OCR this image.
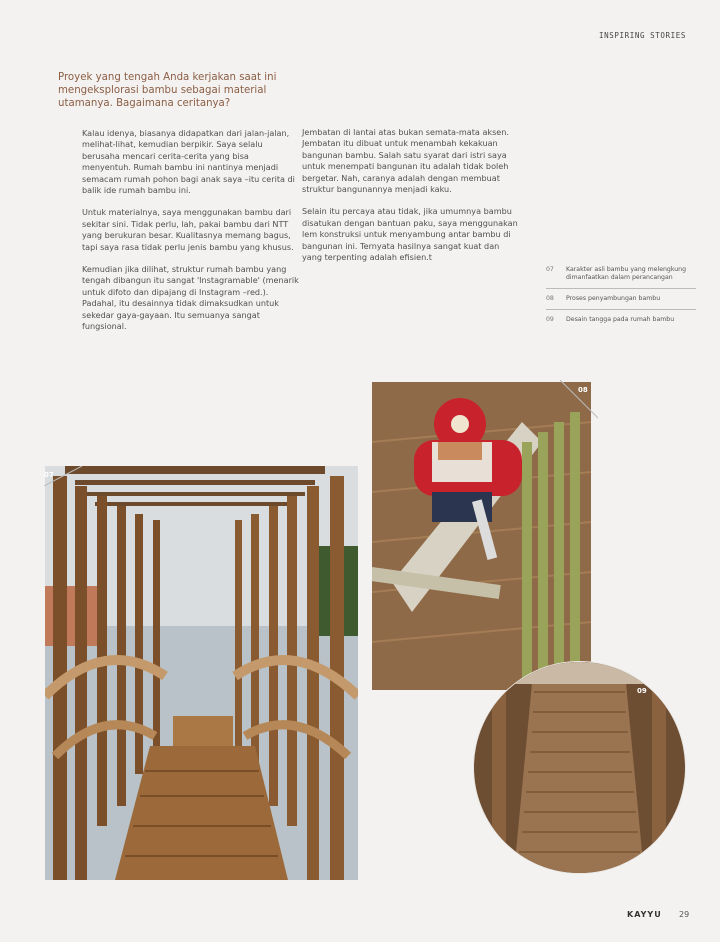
INSPIRING STORIES
Proyek yang tengah Anda kerjakan saat ini mengeksplorasi bambu sebagai material utamanya. Bagaimana ceritanya?

Kalau idenya, biasanya didapatkan dari jalan-jalan, melihat-lihat, kemudian berpikir. Saya selalu berusaha mencari cerita-cerita yang bisa menyentuh. Rumah bambu ini nantinya menjadi semacam rumah pohon bagi anak saya –itu cerita di balik ide rumah bambu ini.

Untuk materialnya, saya menggunakan bambu dari sekitar sini. Tidak perlu, lah, pakai bambu dari NTT yang berukuran besar. Kualitasnya memang bagus, tapi saya rasa tidak perlu jenis bambu yang khusus.

Kemudian jika dilihat, struktur rumah bambu yang tengah dibangun itu sangat 'Instagramable' (menarik untuk difoto dan dipajang di Instagram –red.). Padahal, itu desainnya tidak dimaksudkan untuk sekedar gaya-gayaan. Itu semuanya sangat fungsional.

Jembatan di lantai atas bukan semata-mata aksen. Jembatan itu dibuat untuk menambah kekakuan bangunan bambu. Salah satu syarat dari istri saya untuk menempati bangunan itu adalah tidak boleh bergetar. Nah, caranya adalah dengan membuat struktur bangunannya menjadi kaku.

Selain itu percaya atau tidak, jika umumnya bambu disatukan dengan bantuan paku, saya menggunakan lem konstruksi untuk menyambung antar bambu di bangunan ini. Ternyata hasilnya sangat kuat dan yang terpenting adalah efisien.t

07	Karakter asli bambu yang melengkung dimanfaatkan dalam perancangan
08	Proses penyambungan bambu
09	Desain tangga pada rumah bambu
07
08
09
KAYYU 29
